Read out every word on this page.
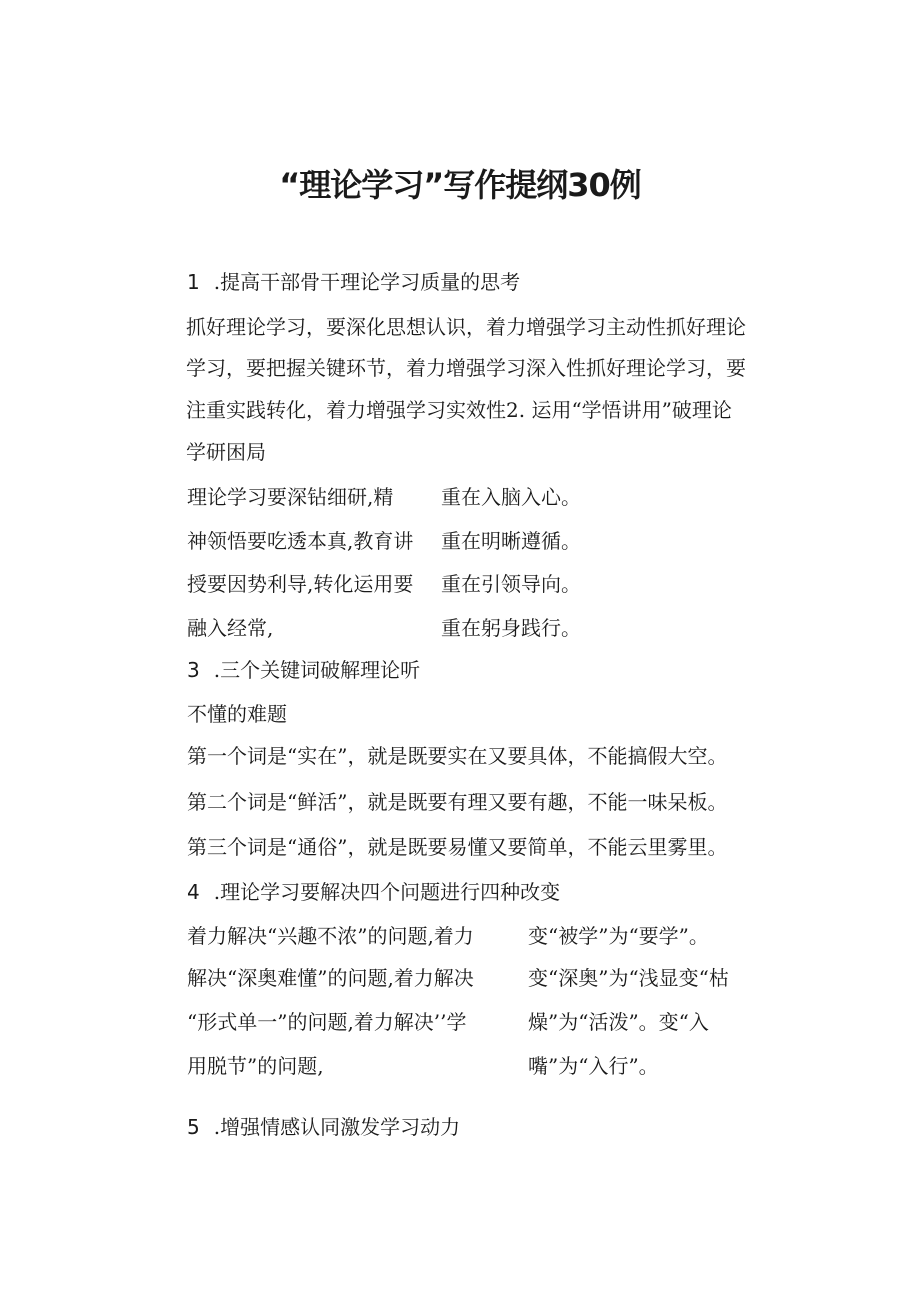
“理论学习”写作提纲30例
1 .提高干部骨干理论学习质量的思考
抓好理论学习，要深化思想认识，着力增强学习主动性抓好理论
学习，要把握关键环节，着力增强学习深入性抓好理论学习，要
注重实践转化，着力增强学习实效性2. 运用“学悟讲用”破理论
学研困局
理论学习要深钻细研,精
神领悟要吃透本真,教育讲
授要因势利导,转化运用要
融入经常,
重在入脑入心。
重在明晰遵循。
重在引领导向。
重在躬身践行。
3 .三个关键词破解理论听
不懂的难题
第一个词是“实在”，就是既要实在又要具体，不能搞假大空。
第二个词是“鲜活”，就是既要有理又要有趣，不能一味呆板。
第三个词是“通俗”，就是既要易懂又要简单，不能云里雾里。
4 .理论学习要解决四个问题进行四种改变
着力解决“兴趣不浓”的问题,着力
解决“深奥难懂”的问题,着力解决
“形式单一”的问题,着力解决’’学
用脱节”的问题,
变“被学”为“要学”。
变“深奥”为“浅显变“枯
燥”为“活泼”。变“入
嘴”为“入行”。
5 .增强情感认同激发学习动力
